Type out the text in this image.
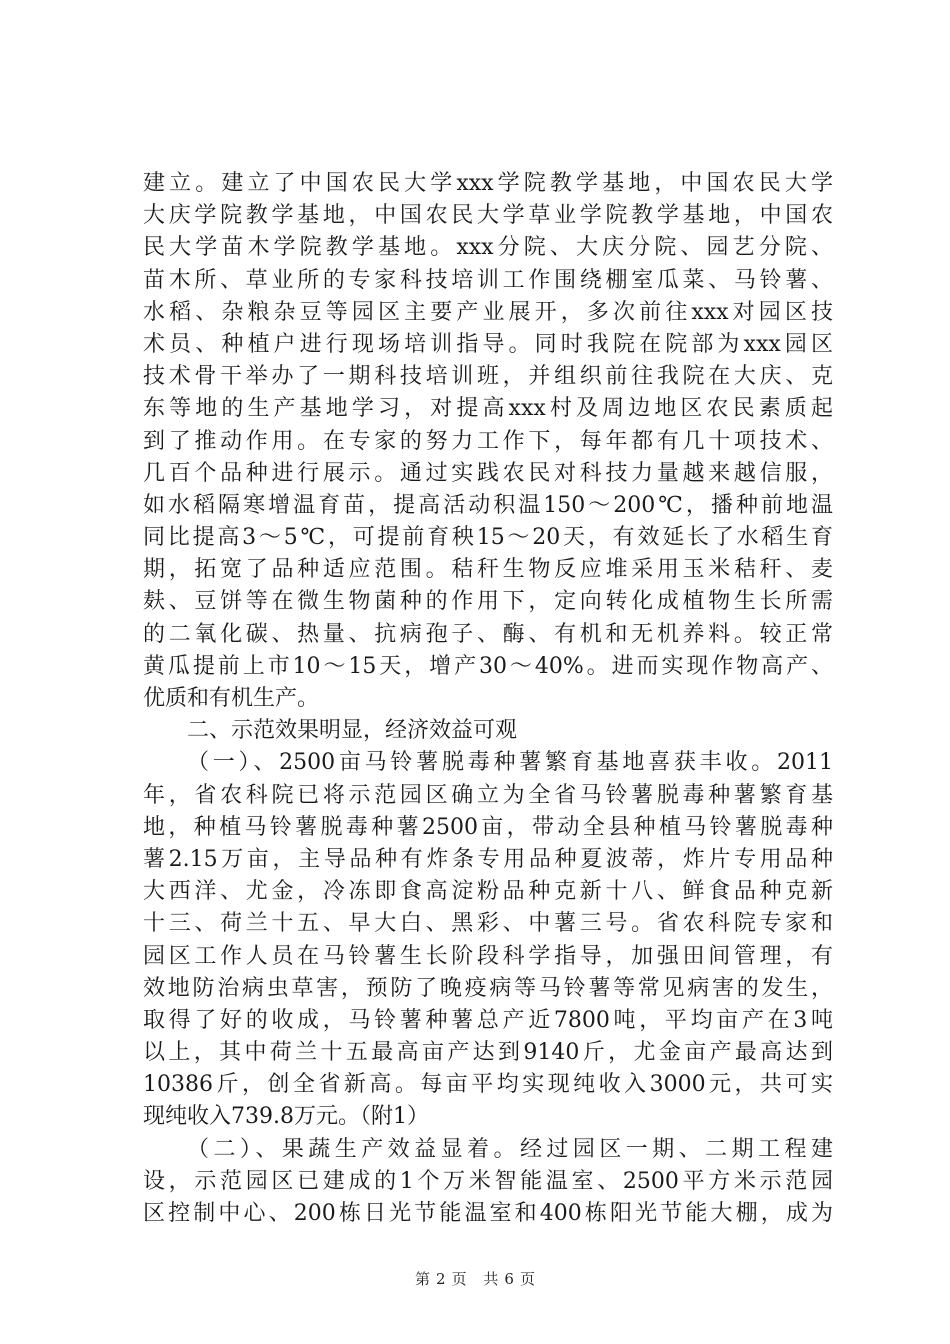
建立。建立了中国农民大学xxx学院教学基地，中国农民大学
大庆学院教学基地，中国农民大学草业学院教学基地，中国农
民大学苗木学院教学基地。xxx分院、大庆分院、园艺分院、
苗木所、草业所的专家科技培训工作围绕棚室瓜菜、马铃薯、
水稻、杂粮杂豆等园区主要产业展开，多次前往xxx对园区技
术员、种植户进行现场培训指导。同时我院在院部为xxx园区
技术骨干举办了一期科技培训班，并组织前往我院在大庆、克
东等地的生产基地学习，对提高xxx村及周边地区农民素质起
到了推动作用。在专家的努力工作下，每年都有几十项技术、
几百个品种进行展示。通过实践农民对科技力量越来越信服，
如水稻隔寒增温育苗，提高活动积温150～200℃，播种前地温
同比提高3～5℃，可提前育秧15～20天，有效延长了水稻生育
期，拓宽了品种适应范围。秸秆生物反应堆采用玉米秸秆、麦
麸、豆饼等在微生物菌种的作用下，定向转化成植物生长所需
的二氧化碳、热量、抗病孢子、酶、有机和无机养料。较正常
黄瓜提前上市10～15天，增产30～40%。进而实现作物高产、
优质和有机生产。
二、示范效果明显，经济效益可观
（一）、2500亩马铃薯脱毒种薯繁育基地喜获丰收。2011
年，省农科院已将示范园区确立为全省马铃薯脱毒种薯繁育基
地，种植马铃薯脱毒种薯2500亩，带动全县种植马铃薯脱毒种
薯2.15万亩，主导品种有炸条专用品种夏波蒂，炸片专用品种
大西洋、尤金，冷冻即食高淀粉品种克新十八、鲜食品种克新
十三、荷兰十五、早大白、黑彩、中薯三号。省农科院专家和
园区工作人员在马铃薯生长阶段科学指导，加强田间管理，有
效地防治病虫草害，预防了晚疫病等马铃薯等常见病害的发生，
取得了好的收成，马铃薯种薯总产近7800吨，平均亩产在3吨
以上，其中荷兰十五最高亩产达到9140斤，尤金亩产最高达到
10386斤，创全省新高。每亩平均实现纯收入3000元，共可实
现纯收入739.8万元。（附1）
（二）、果蔬生产效益显着。经过园区一期、二期工程建
设，示范园区已建成的1个万米智能温室、2500平方米示范园
区控制中心、200栋日光节能温室和400栋阳光节能大棚，成为
第 2 页 共 6 页
